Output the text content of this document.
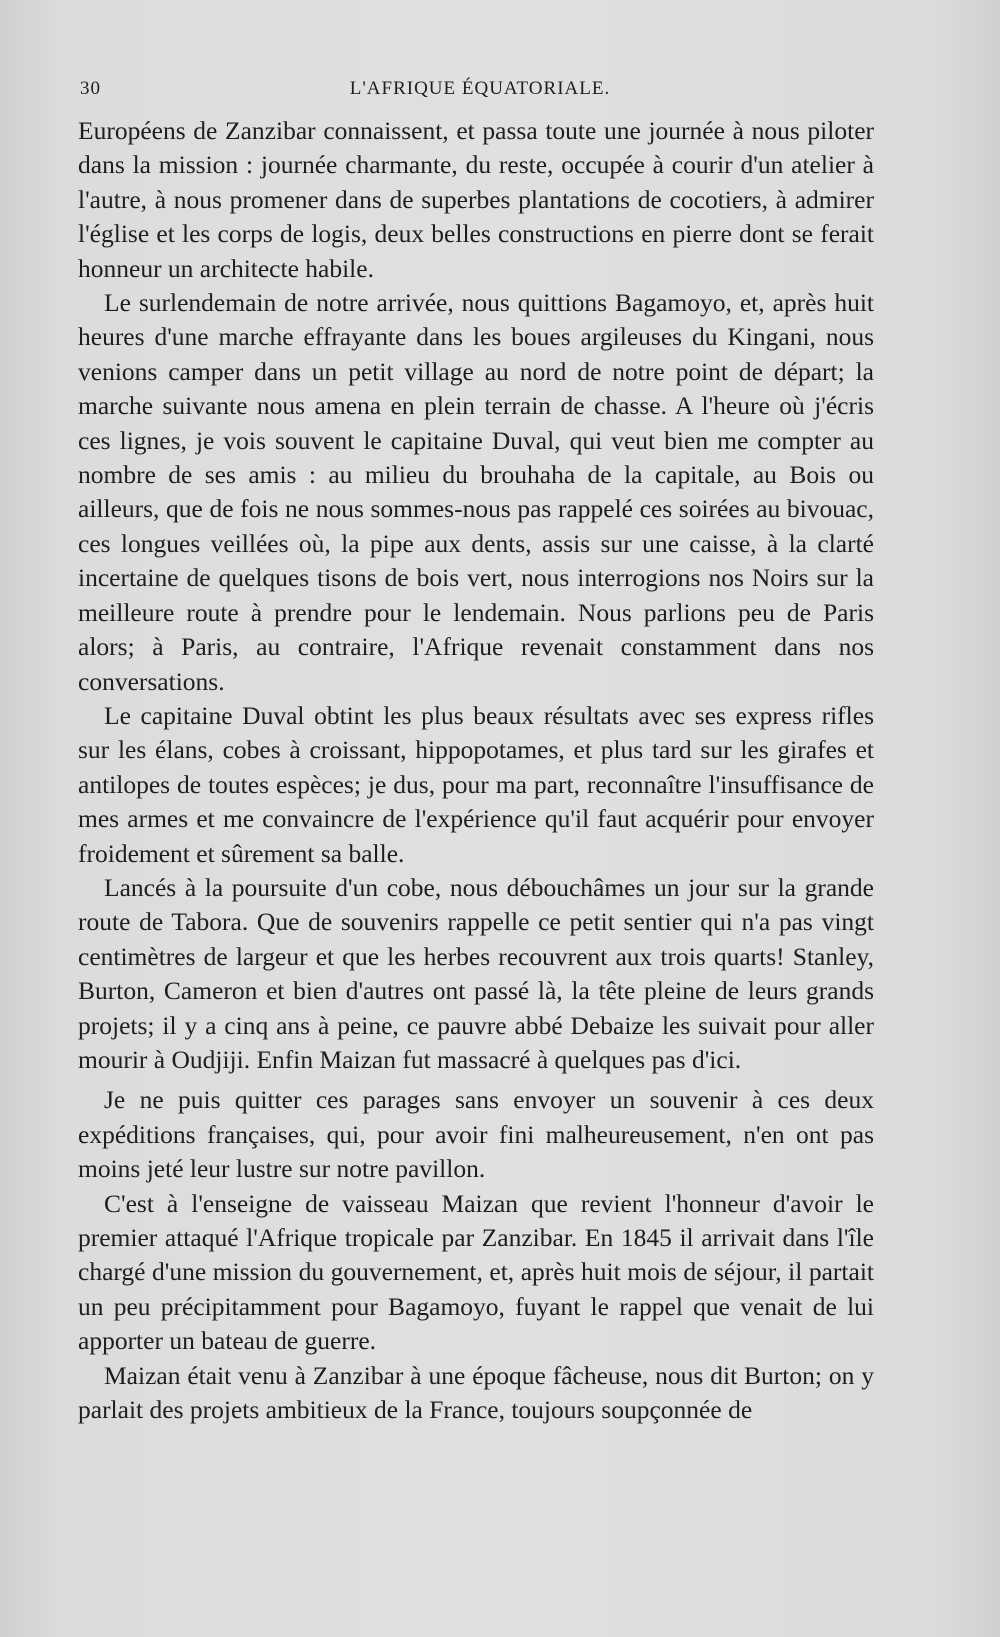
30	L'AFRIQUE ÉQUATORIALE.

Européens de Zanzibar connaissent, et passa toute une journée à nous piloter dans la mission : journée charmante, du reste, occupée à courir d'un atelier à l'autre, à nous promener dans de superbes plantations de cocotiers, à admirer l'église et les corps de logis, deux belles constructions en pierre dont se ferait honneur un architecte habile.

Le surlendemain de notre arrivée, nous quittions Bagamoyo, et, après huit heures d'une marche effrayante dans les boues argileuses du Kingani, nous venions camper dans un petit village au nord de notre point de départ; la marche suivante nous amena en plein terrain de chasse. A l'heure où j'écris ces lignes, je vois souvent le capitaine Duval, qui veut bien me compter au nombre de ses amis : au milieu du brouhaha de la capitale, au Bois ou ailleurs, que de fois ne nous sommes-nous pas rappelé ces soirées au bivouac, ces longues veillées où, la pipe aux dents, assis sur une caisse, à la clarté incertaine de quelques tisons de bois vert, nous interrogions nos Noirs sur la meilleure route à prendre pour le lendemain. Nous parlions peu de Paris alors; à Paris, au contraire, l'Afrique revenait constamment dans nos conversations.

Le capitaine Duval obtint les plus beaux résultats avec ses express rifles sur les élans, cobes à croissant, hippopotames, et plus tard sur les girafes et antilopes de toutes espèces; je dus, pour ma part, reconnaître l'insuffisance de mes armes et me convaincre de l'expérience qu'il faut acquérir pour envoyer froidement et sûrement sa balle.

Lancés à la poursuite d'un cobe, nous débouchâmes un jour sur la grande route de Tabora. Que de souvenirs rappelle ce petit sentier qui n'a pas vingt centimètres de largeur et que les herbes recouvrent aux trois quarts! Stanley, Burton, Cameron et bien d'autres ont passé là, la tête pleine de leurs grands projets; il y a cinq ans à peine, ce pauvre abbé Debaize les suivait pour aller mourir à Oudjiji. Enfin Maizan fut massacré à quelques pas d'ici.

Je ne puis quitter ces parages sans envoyer un souvenir à ces deux expéditions françaises, qui, pour avoir fini malheureusement, n'en ont pas moins jeté leur lustre sur notre pavillon.

C'est à l'enseigne de vaisseau Maizan que revient l'honneur d'avoir le premier attaqué l'Afrique tropicale par Zanzibar. En 1845 il arrivait dans l'île chargé d'une mission du gouvernement, et, après huit mois de séjour, il partait un peu précipitamment pour Bagamoyo, fuyant le rappel que venait de lui apporter un bateau de guerre.

Maizan était venu à Zanzibar à une époque fâcheuse, nous dit Burton; on y parlait des projets ambitieux de la France, toujours soupçonnée de
